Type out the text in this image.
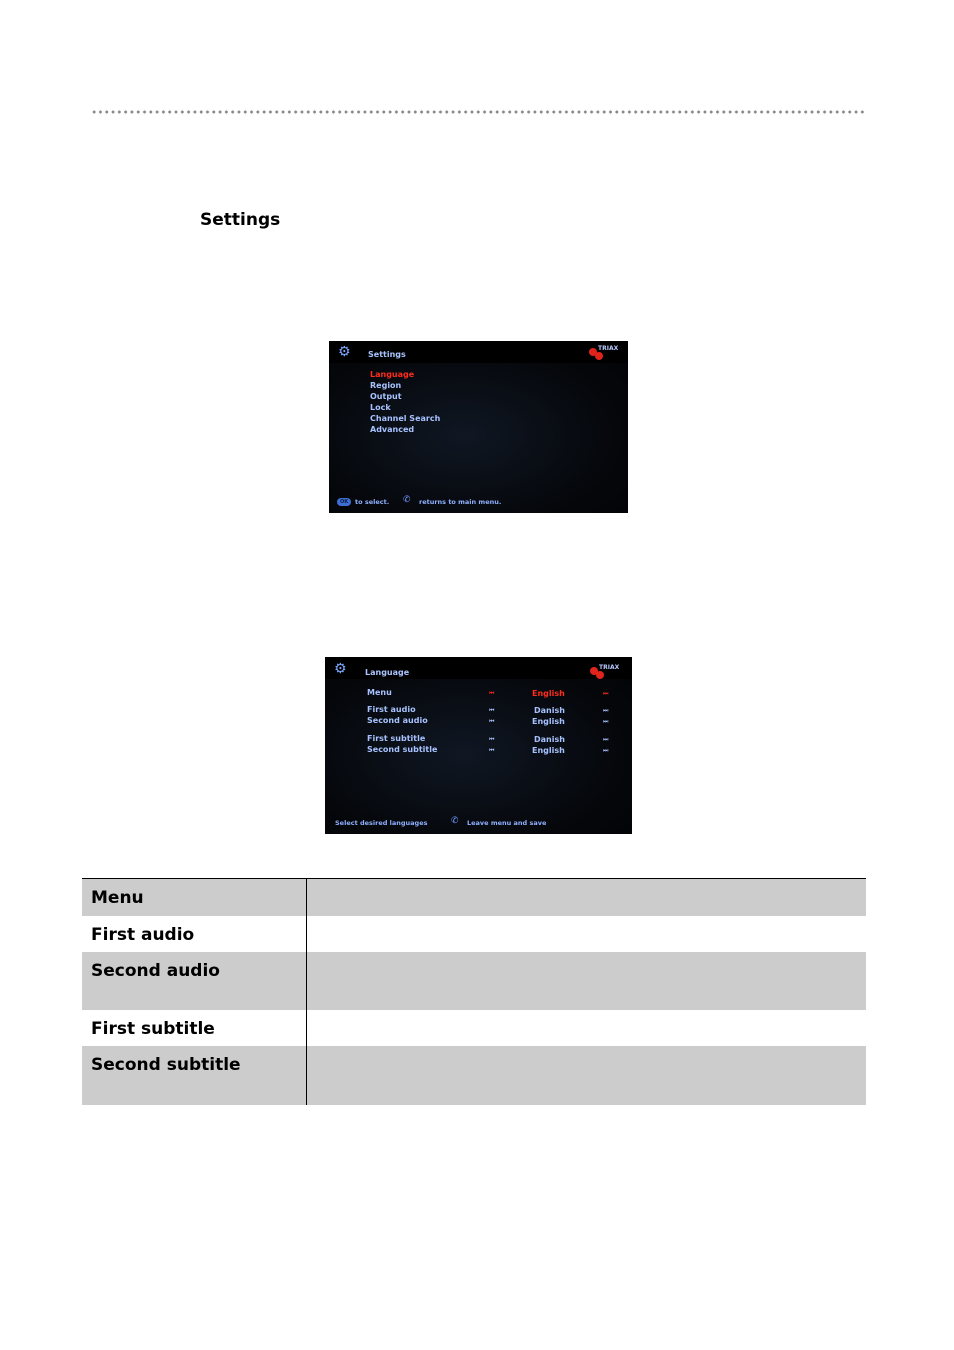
Settings
⚙ Settings
TRIAX
Language
Region
Output
Lock
Channel Search
Advanced
OK	to select. ✆ returns to main menu.
⚙ Language
TRIAX
Menu	⏮	English	⏭
First audio	⏮	Danish	⏭
Second audio	⏮	English	⏭
First subtitle	⏮	Danish	⏭
Second subtitle	⏮	English	⏭
Select desired languages	✆ Leave menu and save
Menu
First audio
Second audio
First subtitle
Second subtitle
